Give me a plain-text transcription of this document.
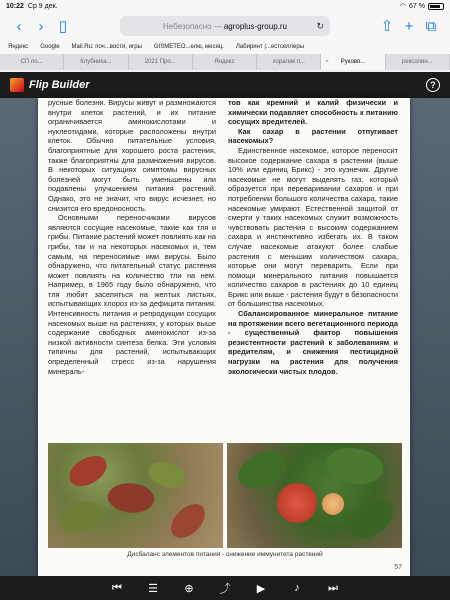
10:22 Ср 9 дек.	◠ 67 %
‹	›	▯	Небезопасно — agroplus-group.ru	↻	⇧ + ⧉
Яндекс Google Mail.Ru: поч...вости, игры GISMETEO...елю, месяц. Лабиринт |...естселлеры
СП по...	Клубника...	2021 Про...	Яндекс	хорагем п...	× Руково...	рексолин...
Flip Builder	?

русные болезни. Вирусы живут и размножаются внутри клеток растений, и их питание ограничивается аминокислотами и нуклеотидами, которые расположены внутри клеток. Обычно питательные условия, благоприятные для хорошего роста растения, также благоприятны для размножения вирусов. В некоторых ситуациях симптомы вирусных болезней могут быть уменьшены или подавлены улучшением питания растений. Однако, это не значит, что вирус исчезнет, но снизится его вредоносность.

Основными переносчиками вирусов являются сосущие насекомые, такие как тля и грибы. Питание растений может повлиять как на грибы, так и на некоторых насекомых и, тем самым, на переносимые ими вирусы. Было обнаружено, что питательный статус растения может повлиять на количество тли на нем. Например, в 1965 году было обнаружено, что тля любит заселяться на желтых листьях, испытывающих хлороз из-за дефицита питания. Интенсивность питания и репродукции сосущих насекомых выше на растениях, у которых выше содержание свободных аминокислот из-за низкой активности синтеза белка. Эти условия типичны для растений, испытывающих определенный стресс из-за нарушения минераль-

тов как кремний и калий физически и химически подавляет способность к питанию сосущих вредителей.

Как сахар в растении отпугивает насекомых?

Единственное насекомое, которое переносит высокое содержание сахара в растении (выше 10% или единиц Брикс) - это кузнечик. Другие насекомые не могут выделять газ, который образуется при переваривании сахаров и при потреблении большого количества сахара, такие насекомые умирают. Естественной защитой от смерти у таких насекомых служит возможность чувствовать растения с высоким содержанием сахара и инстинктивно избегать их. В таком случае насекомые атакуют более слабые растения с меньшим количеством сахара, которые они могут переварить. Если при помощи минерального питания повышается количество сахаров в растениях до 10 единиц Брикс или выше - растения будут в безопасности от большинства насекомых.

Сбалансированное минеральное питание на протяжении всего вегетационного периода - существенный фактор повышения резистентности растений к заболеваниям и вредителям, и снижения пестицидной нагрузки на растения для получения экологически чистых плодов.

Дисбаланс элементов питания - снижение иммунитета растений
57
⏮ ☰	⊕	⤴	▶	♪	⏭
